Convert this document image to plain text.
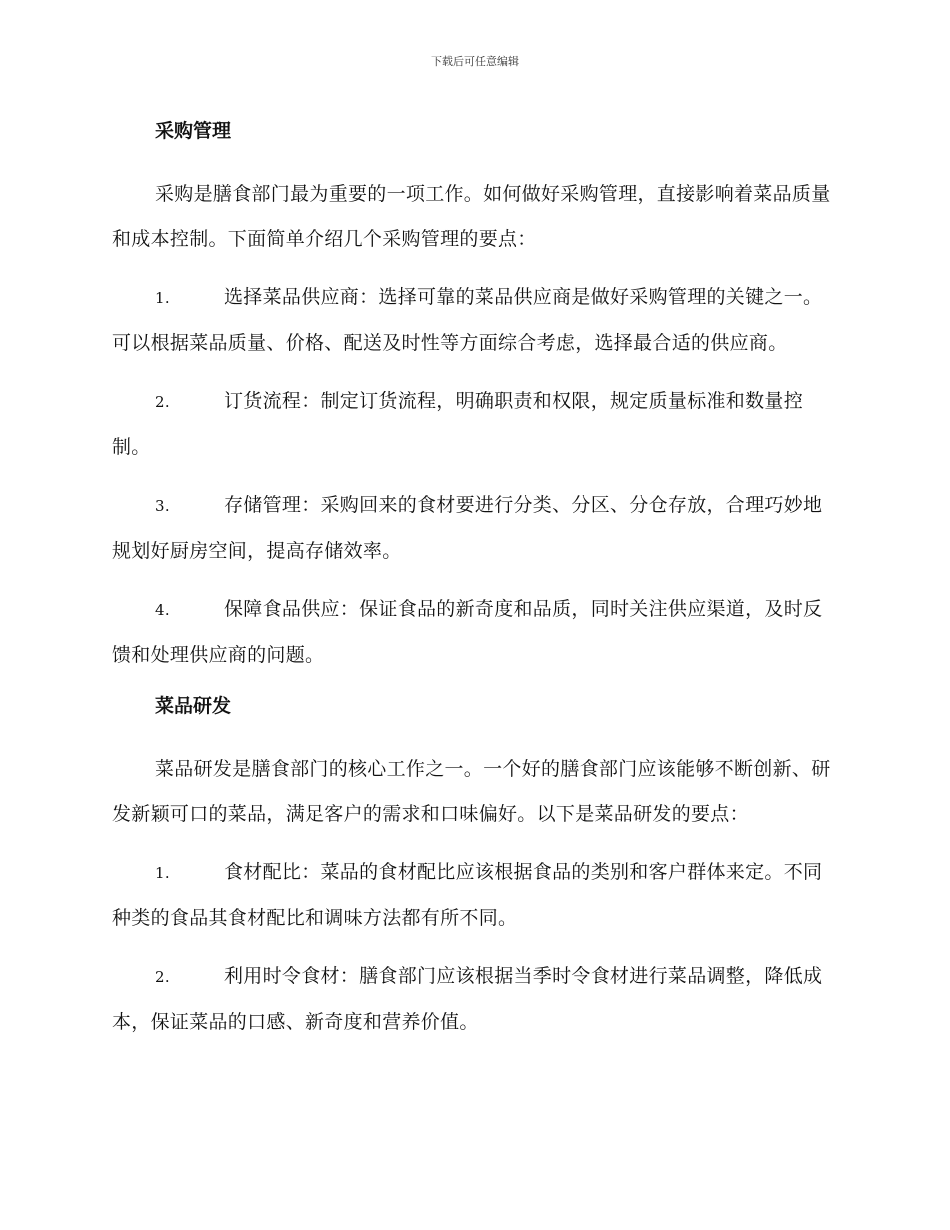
下载后可任意编辑
采购管理

采购是膳食部门最为重要的一项工作。如何做好采购管理，直接影响着菜品质量和成本控制。下面简单介绍几个采购管理的要点：

1.	选择菜品供应商：选择可靠的菜品供应商是做好采购管理的关键之一。可以根据菜品质量、价格、配送及时性等方面综合考虑，选择最合适的供应商。

2.	订货流程：制定订货流程，明确职责和权限，规定质量标准和数量控制。

3.	存储管理：采购回来的食材要进行分类、分区、分仓存放，合理巧妙地规划好厨房空间，提高存储效率。

4.	保障食品供应：保证食品的新奇度和品质，同时关注供应渠道，及时反馈和处理供应商的问题。

菜品研发

菜品研发是膳食部门的核心工作之一。一个好的膳食部门应该能够不断创新、研发新颖可口的菜品，满足客户的需求和口味偏好。以下是菜品研发的要点：

1.	食材配比：菜品的食材配比应该根据食品的类别和客户群体来定。不同种类的食品其食材配比和调味方法都有所不同。

2.	利用时令食材：膳食部门应该根据当季时令食材进行菜品调整，降低成本，保证菜品的口感、新奇度和营养价值。
